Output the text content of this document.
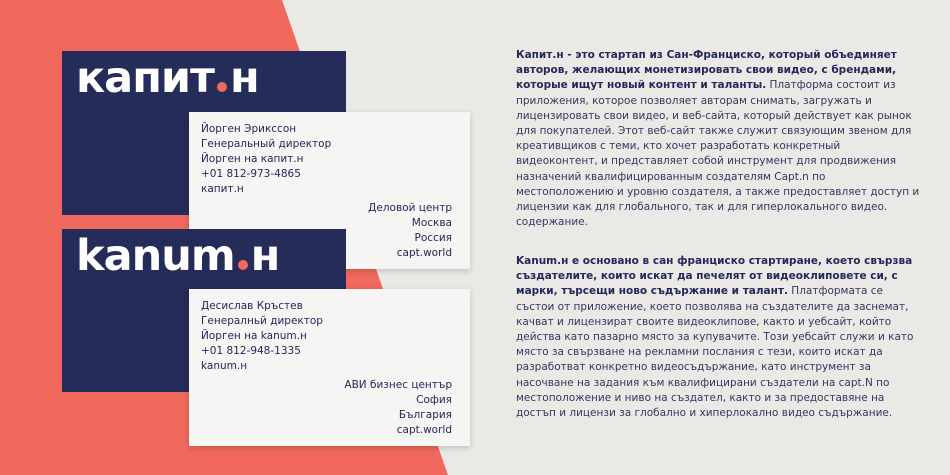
капит н
Йорген Эрикссон
Генеральный директор
Йорген на капит.н
+01 812-973-4865
капит.н
Деловой центр
Москва
Россия
capt.world
kanum н
Десислав Кръстев
Генералньй директор
Йорген на kanum.н
+01 812-948-1335
kanum.н
АВИ бизнес център
София
България
capt.world
Капит.н - это стартап из Сан-Франциско, который объединяет авторов, желающих монетизировать свои видео, с брендами, которые ищут новый контент и таланты. Платформа состоит из приложения, которое позволяет авторам снимать, загружать и лицензировать свои видео, и веб-сайта, который действует как рынок для покупателей. Этот веб-сайт также служит связующим звеном для креативщиков с теми, кто хочет разработать конкретный видеоконтент, и представляет собой инструмент для продвижения назначений квалифицированным создателям Capt.n по местоположению и уровню создателя, а также предоставляет доступ и лицензии как для глобального, так и для гиперлокального видео. содержание.
Kanum.н е основано в сан франциско стартиране, което свързва създателите, които искат да печелят от видеоклиповете си, с марки, търсещи ново съдържание и талант. Платформата се състои от приложение, което позволява на създателите да заснемат, качват и лицензират своите видеоклипове, както и уебсайт, който действа като пазарно място за купувачите. Този уебсайт служи и като място за свързване на рекламни послания с тези, които искат да разработват конкретно видеосъдържание, като инструмент за насочване на задания към квалифицирани създатели на capt.N по местоположение и ниво на създател, както и за предоставяне на достъп и лицензи за глобално и хиперлокално видео съдържание.
